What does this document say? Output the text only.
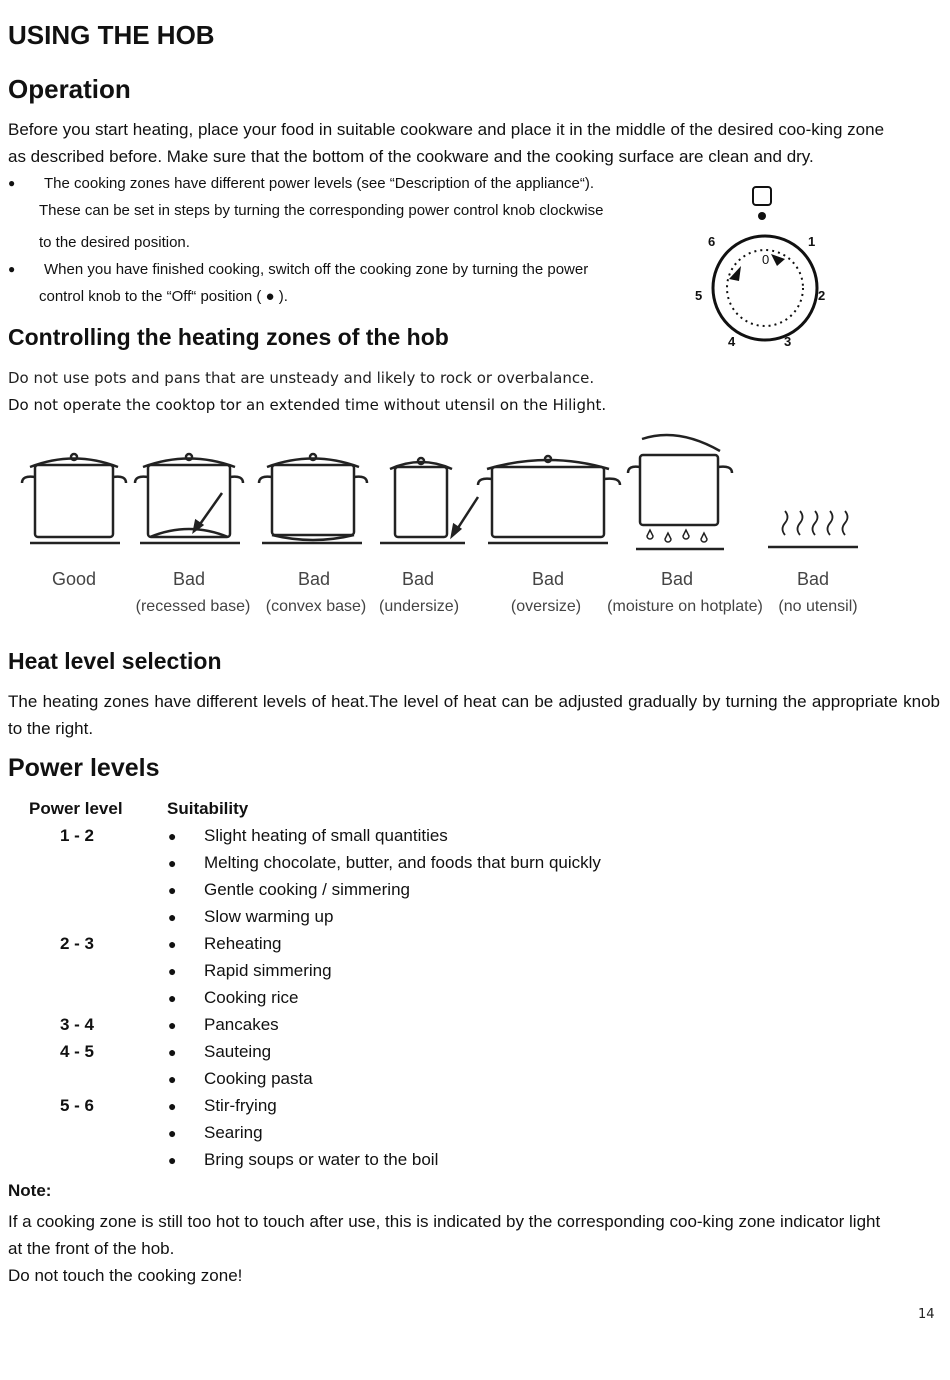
USING THE HOB
Operation
Before you start heating, place your food in suitable cookware and place it in the middle of the desired coo-king zone
as described before. Make sure that the bottom of the cookware and the cooking surface are clean and dry.
● The cooking zones have different power levels (see “Description of the appliance“).
These can be set in steps by turning the corresponding power control knob clockwise
to the desired position.
● When you have finished cooking, switch off the cooking zone by turning the power
control knob to the “Off“ position ( ● ).
0
1
2
3
4
5
6
Controlling the heating zones of the hob
Do not use pots and pans that are unsteady and likely to rock or overbalance.
Do not operate the cooktop tor an extended time without utensil on the Hilight.
Good	Bad	Bad	Bad	Bad	Bad	Bad
(recessed base) (convex base) (undersize)	(oversize)	(moisture on hotplate) (no utensil)
Heat level selection
The heating zones have different levels of heat.The level of heat can be adjusted gradually by turning the appropriate knob to the right.
Power levels
Power level	Suitability
1 - 2	● Slight heating of small quantities
● Melting chocolate, butter, and foods that burn quickly
● Gentle cooking / simmering
● Slow warming up
2 - 3	● Reheating
● Rapid simmering
● Cooking rice
3 - 4	● Pancakes
4 - 5	● Sauteing
● Cooking pasta
5 - 6	● Stir-frying
● Searing
● Bring soups or water to the boil
Note:
If a cooking zone is still too hot to touch after use, this is indicated by the corresponding coo-king zone indicator light
at the front of the hob.
Do not touch the cooking zone!
14
